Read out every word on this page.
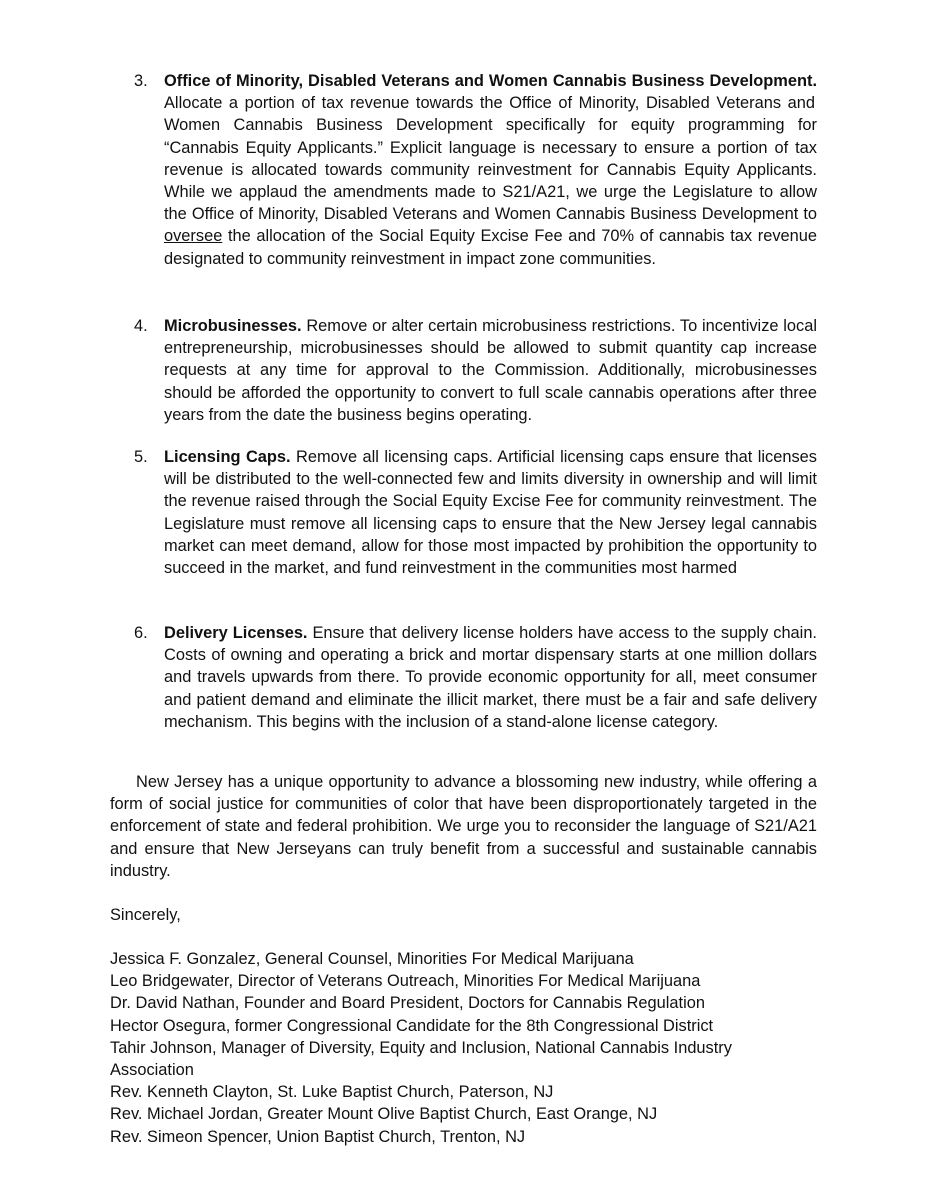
3. Office of Minority, Disabled Veterans and Women Cannabis Business Development. Allocate a portion of tax revenue towards the Office of Minority, Disabled Veterans and Women Cannabis Business Development specifically for equity programming for “Cannabis Equity Applicants.” Explicit language is necessary to ensure a portion of tax revenue is allocated towards community reinvestment for Cannabis Equity Applicants. While we applaud the amendments made to S21/A21, we urge the Legislature to allow the Office of Minority, Disabled Veterans and Women Cannabis Business Development to oversee the allocation of the Social Equity Excise Fee and 70% of cannabis tax revenue designated to community reinvestment in impact zone communities.
4. Microbusinesses. Remove or alter certain microbusiness restrictions. To incentivize local entrepreneurship, microbusinesses should be allowed to submit quantity cap increase requests at any time for approval to the Commission. Additionally, microbusinesses should be afforded the opportunity to convert to full scale cannabis operations after three years from the date the business begins operating.
5. Licensing Caps. Remove all licensing caps. Artificial licensing caps ensure that licenses will be distributed to the well-connected few and limits diversity in ownership and will limit the revenue raised through the Social Equity Excise Fee for community reinvestment. The Legislature must remove all licensing caps to ensure that the New Jersey legal cannabis market can meet demand, allow for those most impacted by prohibition the opportunity to succeed in the market, and fund reinvestment in the communities most harmed
6. Delivery Licenses. Ensure that delivery license holders have access to the supply chain. Costs of owning and operating a brick and mortar dispensary starts at one million dollars and travels upwards from there. To provide economic opportunity for all, meet consumer and patient demand and eliminate the illicit market, there must be a fair and safe delivery mechanism. This begins with the inclusion of a stand-alone license category.

New Jersey has a unique opportunity to advance a blossoming new industry, while offering a form of social justice for communities of color that have been disproportionately targeted in the enforcement of state and federal prohibition. We urge you to reconsider the language of S21/A21 and ensure that New Jerseyans can truly benefit from a successful and sustainable cannabis industry.

Sincerely,
Jessica F. Gonzalez, General Counsel, Minorities For Medical Marijuana
Leo Bridgewater, Director of Veterans Outreach, Minorities For Medical Marijuana
Dr. David Nathan, Founder and Board President, Doctors for Cannabis Regulation
Hector Osegura, former Congressional Candidate for the 8th Congressional District
Tahir Johnson, Manager of Diversity, Equity and Inclusion, National Cannabis Industry Association
Rev. Kenneth Clayton, St. Luke Baptist Church, Paterson, NJ
Rev. Michael Jordan, Greater Mount Olive Baptist Church, East Orange, NJ
Rev. Simeon Spencer, Union Baptist Church, Trenton, NJ
